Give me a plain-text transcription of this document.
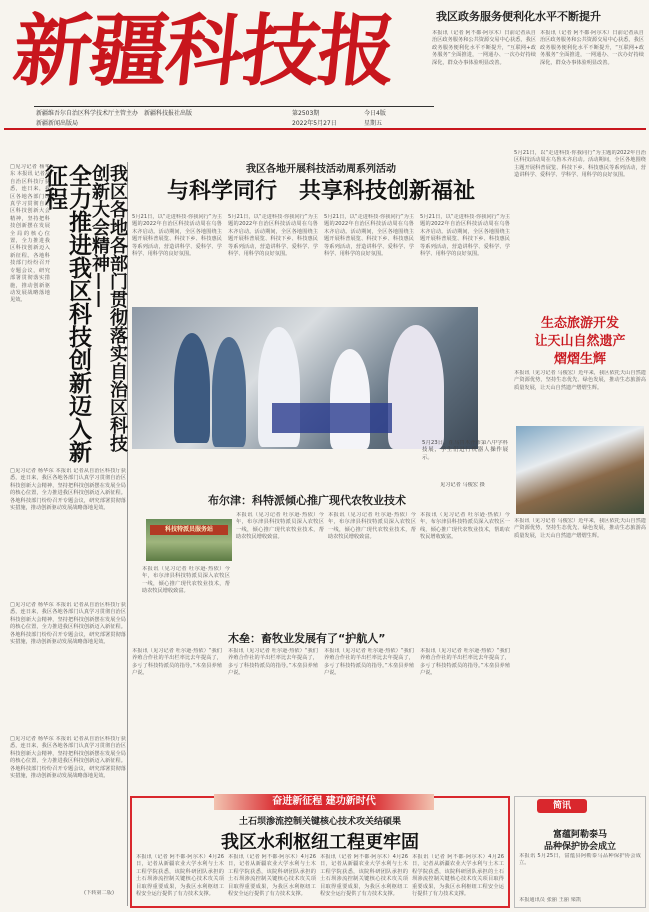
新疆科技报
新疆维吾尔自治区科学技术厅主管主办　新疆科技报社出版
新疆新闻出版局
第2503期
2022年5月27日
今日4版
星期五
我区政务服务便利化水平不断提升
本报讯（记者 阿不都·阿尔木）日前记者从自治区政务服务和公共资源交易中心获悉，我区政务服务便利化水平不断提升，“互联网+政务服务”全面推进，一网通办、一次办好持续深化，群众办事体验明显改善。
本报讯（记者 阿不都·阿尔木）日前记者从自治区政务服务和公共资源交易中心获悉，我区政务服务便利化水平不断提升，“互联网+政务服务”全面推进，一网通办、一次办好持续深化，群众办事体验明显改善。
我区各地各部门贯彻落实自治区科技创新大会精神——
全力推进我区科技创新迈入新征程
□见习记者 杨华东 本报讯 记者从自治区科技厅获悉，连日来，我区各地各部门认真学习贯彻自治区科技创新大会精神，坚持把科技创新摆在发展全局的核心位置，全力推进我区科技创新迈入新征程。各地科技部门纷纷召开专题会议，研究部署贯彻落实措施，推动创新驱动发展战略落地见效。
□见习记者 杨华东 本报讯 记者从自治区科技厅获悉，连日来，我区各地各部门认真学习贯彻自治区科技创新大会精神，坚持把科技创新摆在发展全局的核心位置，全力推进我区科技创新迈入新征程。各地科技部门纷纷召开专题会议，研究部署贯彻落实措施，推动创新驱动发展战略落地见效。
□见习记者 杨华东 本报讯 记者从自治区科技厅获悉，连日来，我区各地各部门认真学习贯彻自治区科技创新大会精神，坚持把科技创新摆在发展全局的核心位置，全力推进我区科技创新迈入新征程。各地科技部门纷纷召开专题会议，研究部署贯彻落实措施，推动创新驱动发展战略落地见效。
□见习记者 杨华东 本报讯 记者从自治区科技厅获悉，连日来，我区各地各部门认真学习贯彻自治区科技创新大会精神，坚持把科技创新摆在发展全局的核心位置，全力推进我区科技创新迈入新征程。各地科技部门纷纷召开专题会议，研究部署贯彻落实措施，推动创新驱动发展战略落地见效。
(下转第二版)
我区各地开展科技活动周系列活动
与科学同行　共享科技创新福祉
5月21日，以“走进科技·你我同行”为主题的2022年自治区科技活动周在乌鲁木齐启动。活动期间，全区各地围绕主题开展科普展览、科技下乡、科技惠民等系列活动，营造讲科学、爱科学、学科学、用科学的良好氛围。
5月21日，以“走进科技·你我同行”为主题的2022年自治区科技活动周在乌鲁木齐启动。活动期间，全区各地围绕主题开展科普展览、科技下乡、科技惠民等系列活动，营造讲科学、爱科学、学科学、用科学的良好氛围。
5月21日，以“走进科技·你我同行”为主题的2022年自治区科技活动周在乌鲁木齐启动。活动期间，全区各地围绕主题开展科普展览、科技下乡、科技惠民等系列活动，营造讲科学、爱科学、学科学、用科学的良好氛围。
5月21日，以“走进科技·你我同行”为主题的2022年自治区科技活动周在乌鲁木齐启动。活动期间，全区各地围绕主题开展科普展览、科技下乡、科技惠民等系列活动，营造讲科学、爱科学、学科学、用科学的良好氛围。
5月23日，在乌鲁木齐市第八中学科技展，学生们进行机器人操作展示。
见习记者 马俊宏 摄
5月21日，以“走进科技·你我同行”为主题的2022年自治区科技活动周在乌鲁木齐启动。活动期间，全区各地围绕主题开展科普展览、科技下乡、科技惠民等系列活动，营造讲科学、爱科学、学科学、用科学的良好氛围。
生态旅游开发
让天山自然遗产
熠熠生辉
本报讯（见习记者 马俊宏）近年来，我区依托天山自然遗产资源优势，坚持生态优先、绿色发展，推动生态旅游高质量发展，让天山自然遗产熠熠生辉。
本报讯（见习记者 马俊宏）近年来，我区依托天山自然遗产资源优势，坚持生态优先、绿色发展，推动生态旅游高质量发展，让天山自然遗产熠熠生辉。
布尔津：科特派倾心推广现代农牧业技术
本报讯（见习记者 吐尔逊·热依）今年，布尔津县科技特派员深入农牧区一线，倾心推广现代农牧业技术，帮助农牧民增收致富。
本报讯（见习记者 吐尔逊·热依）今年，布尔津县科技特派员深入农牧区一线，倾心推广现代农牧业技术，帮助农牧民增收致富。
本报讯（见习记者 吐尔逊·热依）今年，布尔津县科技特派员深入农牧区一线，倾心推广现代农牧业技术，帮助农牧民增收致富。
本报讯（见习记者 吐尔逊·热依）今年，布尔津县科技特派员深入农牧区一线，倾心推广现代农牧业技术，帮助农牧民增收致富。
科技特派员服务站
木垒：畜牧业发展有了“护航人”
本报讯（见习记者 吐尔逊·热依）“我们养殖合作社的羊出栏率比去年提高了，多亏了科技特派员的指导。”木垒县养殖户说。
本报讯（见习记者 吐尔逊·热依）“我们养殖合作社的羊出栏率比去年提高了，多亏了科技特派员的指导。”木垒县养殖户说。
本报讯（见习记者 吐尔逊·热依）“我们养殖合作社的羊出栏率比去年提高了，多亏了科技特派员的指导。”木垒县养殖户说。
本报讯（见习记者 吐尔逊·热依）“我们养殖合作社的羊出栏率比去年提高了，多亏了科技特派员的指导。”木垒县养殖户说。
土石坝渗流控制关键核心技术攻关结硕果
我区水利枢纽工程更牢固
本报讯（记者 阿不都·阿尔木）4月26日，记者从新疆农业大学水利与土木工程学院获悉，该院科研团队承担的土石坝渗流控制关键核心技术攻关项目取得重要成果，为我区水利枢纽工程安全运行提供了有力技术支撑。
本报讯（记者 阿不都·阿尔木）4月26日，记者从新疆农业大学水利与土木工程学院获悉，该院科研团队承担的土石坝渗流控制关键核心技术攻关项目取得重要成果，为我区水利枢纽工程安全运行提供了有力技术支撑。
本报讯（记者 阿不都·阿尔木）4月26日，记者从新疆农业大学水利与土木工程学院获悉，该院科研团队承担的土石坝渗流控制关键核心技术攻关项目取得重要成果，为我区水利枢纽工程安全运行提供了有力技术支撑。
本报讯（记者 阿不都·阿尔木）4月26日，记者从新疆农业大学水利与土木工程学院获悉，该院科研团队承担的土石坝渗流控制关键核心技术攻关项目取得重要成果，为我区水利枢纽工程安全运行提供了有力技术支撑。
奋进新征程 建功新时代
富蕴阿勒泰马
品种保护协会成立
本报讯 5月25日，富蕴县阿勒泰马品种保护协会成立。
本报通讯员 张丽 王丽 梁凯
简讯
